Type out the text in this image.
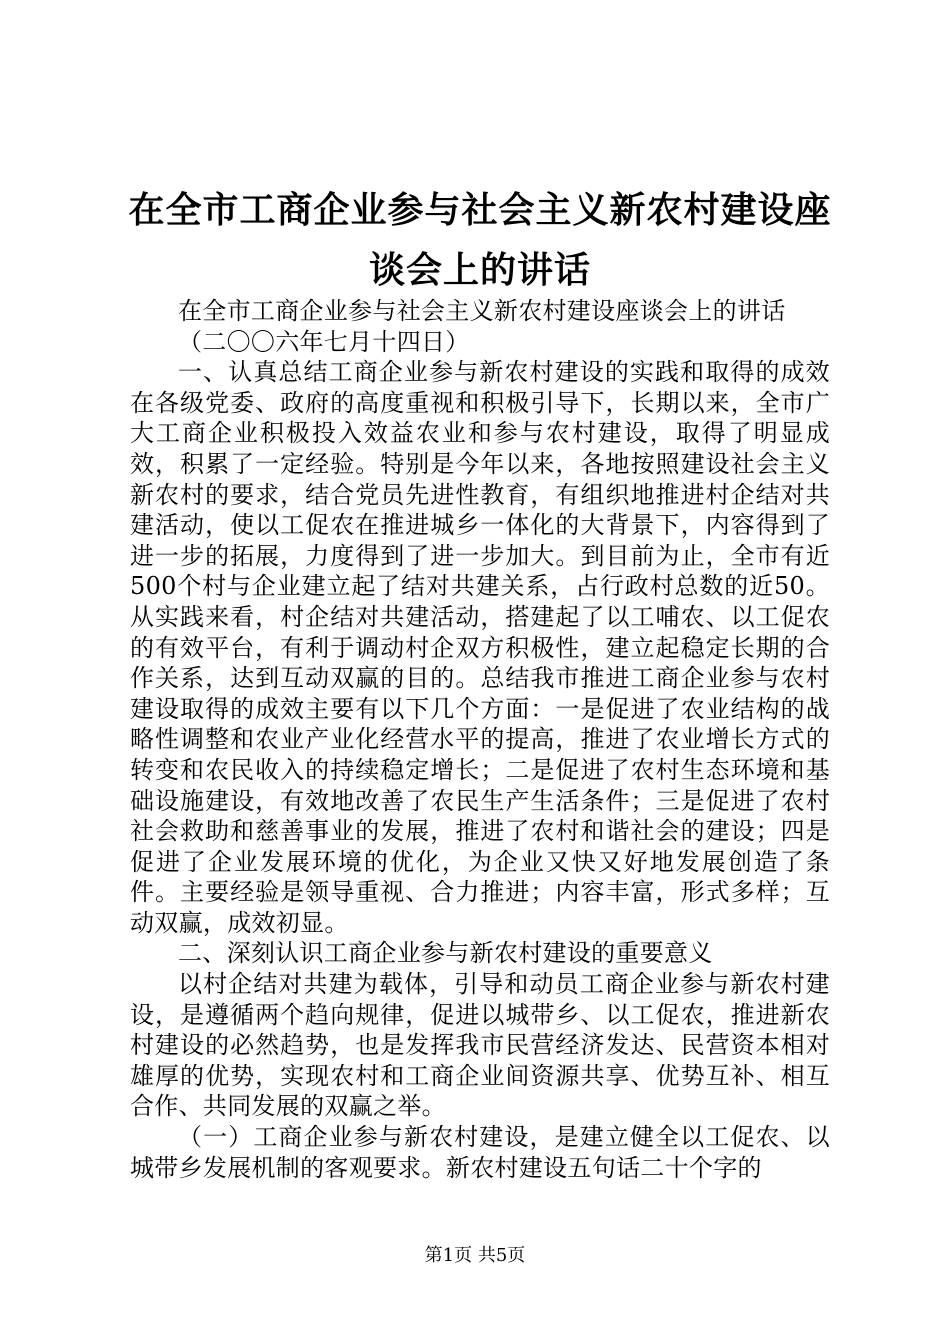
在全市工商企业参与社会主义新农村建设座谈会上的讲话

在全市工商企业参与社会主义新农村建设座谈会上的讲话

（二〇〇六年七月十四日）

一、认真总结工商企业参与新农村建设的实践和取得的成效在各级党委、政府的高度重视和积极引导下，长期以来，全市广大工商企业积极投入效益农业和参与农村建设，取得了明显成效，积累了一定经验。特别是今年以来，各地按照建设社会主义新农村的要求，结合党员先进性教育，有组织地推进村企结对共建活动，使以工促农在推进城乡一体化的大背景下，内容得到了进一步的拓展，力度得到了进一步加大。到目前为止，全市有近500个村与企业建立起了结对共建关系，占行政村总数的近50。从实践来看，村企结对共建活动，搭建起了以工哺农、以工促农的有效平台，有利于调动村企双方积极性，建立起稳定长期的合作关系，达到互动双赢的目的。总结我市推进工商企业参与农村建设取得的成效主要有以下几个方面：一是促进了农业结构的战略性调整和农业产业化经营水平的提高，推进了农业增长方式的转变和农民收入的持续稳定增长；二是促进了农村生态环境和基础设施建设，有效地改善了农民生产生活条件；三是促进了农村社会救助和慈善事业的发展，推进了农村和谐社会的建设；四是促进了企业发展环境的优化，为企业又快又好地发展创造了条件。主要经验是领导重视、合力推进；内容丰富，形式多样；互动双赢，成效初显。

二、深刻认识工商企业参与新农村建设的重要意义

以村企结对共建为载体，引导和动员工商企业参与新农村建设，是遵循两个趋向规律，促进以城带乡、以工促农，推进新农村建设的必然趋势，也是发挥我市民营经济发达、民营资本相对雄厚的优势，实现农村和工商企业间资源共享、优势互补、相互合作、共同发展的双赢之举。

（一）工商企业参与新农村建设，是建立健全以工促农、以城带乡发展机制的客观要求。新农村建设五句话二十个字的

第1页 共5页
